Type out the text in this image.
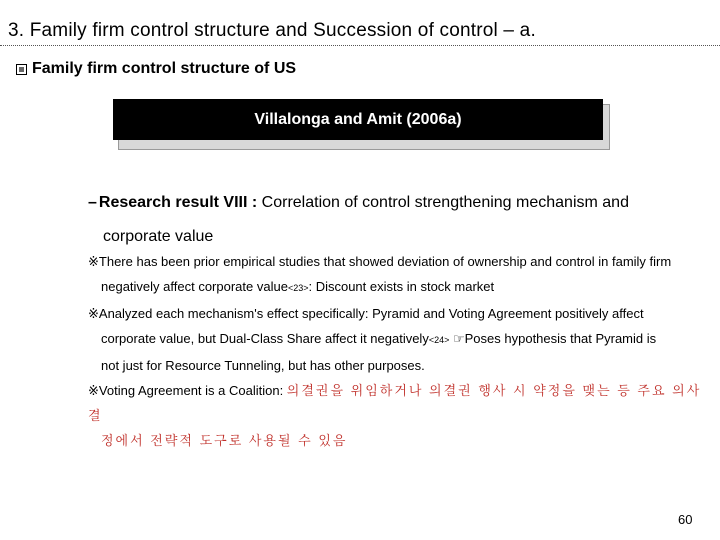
3. Family firm control structure and Succession of control – a.
Family firm control structure of US
Villalonga and Amit (2006a)
– Research result VIII : Correlation of control strengthening mechanism and
corporate value

※There has been prior empirical studies that showed deviation of ownership and control in family firm
negatively affect corporate value<23>: Discount exists in stock market

※Analyzed each mechanism's effect specifically: Pyramid and Voting Agreement positively affect
corporate value, but Dual-Class Share affect it negatively<24> ☞Poses hypothesis that Pyramid is
not just for Resource Tunneling, but has other purposes.

※Voting Agreement is a Coalition: 의결권을 위임하거나 의결권 행사 시 약정을 맺는 등 주요 의사 결
정에서 전략적 도구로 사용될 수 있음

60
